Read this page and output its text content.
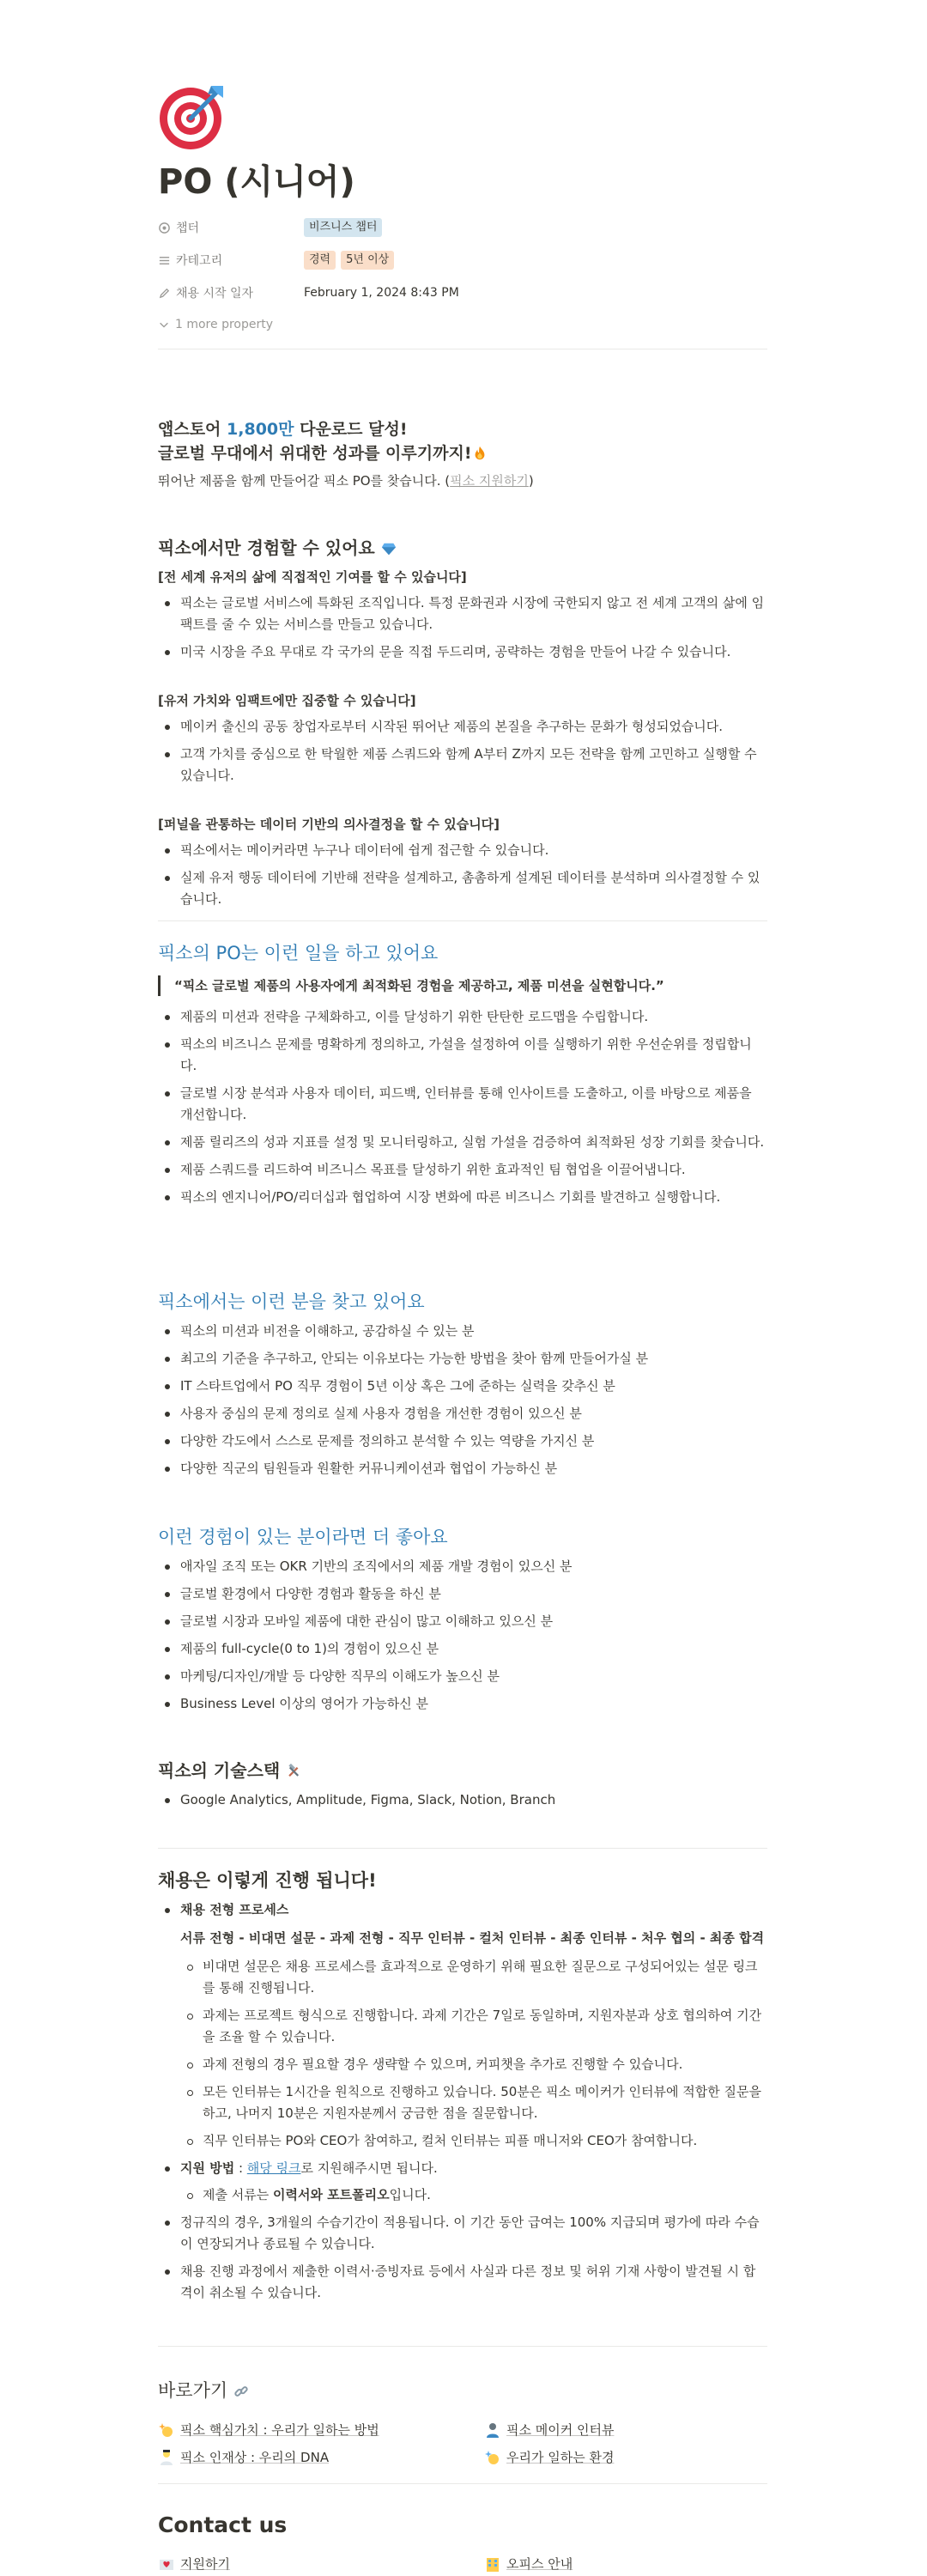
PO (시니어)
챕터	비즈니스 챕터
카테고리	경력	5년 이상
채용 시작 일자	February 1, 2024 8:43 PM
1 more property
앱스토어 1,800만 다운로드 달성!
글로벌 무대에서 위대한 성과를 이루기까지!
뛰어난 제품을 함께 만들어갈 픽소 PO를 찾습니다. (픽소 지원하기)
픽소에서만 경험할 수 있어요
[전 세계 유저의 삶에 직접적인 기여를 할 수 있습니다]
픽소는 글로벌 서비스에 특화된 조직입니다. 특정 문화권과 시장에 국한되지 않고 전 세계 고객의 삶에 임팩트를 줄 수 있는 서비스를 만들고 있습니다.
미국 시장을 주요 무대로 각 국가의 문을 직접 두드리며, 공략하는 경험을 만들어 나갈 수 있습니다.
[유저 가치와 임팩트에만 집중할 수 있습니다]
메이커 출신의 공동 창업자로부터 시작된 뛰어난 제품의 본질을 추구하는 문화가 형성되었습니다.
고객 가치를 중심으로 한 탁월한 제품 스쿼드와 함께 A부터 Z까지 모든 전략을 함께 고민하고 실행할 수 있습니다.
[퍼널을 관통하는 데이터 기반의 의사결정을 할 수 있습니다]
픽소에서는 메이커라면 누구나 데이터에 쉽게 접근할 수 있습니다.
실제 유저 행동 데이터에 기반해 전략을 설계하고, 촘촘하게 설계된 데이터를 분석하며 의사결정할 수 있습니다.
픽소의 PO는 이런 일을 하고 있어요
“픽소 글로벌 제품의 사용자에게 최적화된 경험을 제공하고, 제품 미션을 실현합니다.”
제품의 미션과 전략을 구체화하고, 이를 달성하기 위한 탄탄한 로드맵을 수립합니다.
픽소의 비즈니스 문제를 명확하게 정의하고, 가설을 설정하여 이를 실행하기 위한 우선순위를 정립합니다.
글로벌 시장 분석과 사용자 데이터, 피드백, 인터뷰를 통해 인사이트를 도출하고, 이를 바탕으로 제품을 개선합니다.
제품 릴리즈의 성과 지표를 설정 및 모니터링하고, 실험 가설을 검증하여 최적화된 성장 기회를 찾습니다.
제품 스쿼드를 리드하여 비즈니스 목표를 달성하기 위한 효과적인 팀 협업을 이끌어냅니다.
픽소의 엔지니어/PO/리더십과 협업하여 시장 변화에 따른 비즈니스 기회를 발견하고 실행합니다.
픽소에서는 이런 분을 찾고 있어요
픽소의 미션과 비전을 이해하고, 공감하실 수 있는 분
최고의 기준을 추구하고, 안되는 이유보다는 가능한 방법을 찾아 함께 만들어가실 분
IT 스타트업에서 PO 직무 경험이 5년 이상 혹은 그에 준하는 실력을 갖추신 분
사용자 중심의 문제 정의로 실제 사용자 경험을 개선한 경험이 있으신 분
다양한 각도에서 스스로 문제를 정의하고 분석할 수 있는 역량을 가지신 분
다양한 직군의 팀원들과 원활한 커뮤니케이션과 협업이 가능하신 분
이런 경험이 있는 분이라면 더 좋아요
애자일 조직 또는 OKR 기반의 조직에서의 제품 개발 경험이 있으신 분
글로벌 환경에서 다양한 경험과 활동을 하신 분
글로벌 시장과 모바일 제품에 대한 관심이 많고 이해하고 있으신 분
제품의 full-cycle(0 to 1)의 경험이 있으신 분
마케팅/디자인/개발 등 다양한 직무의 이해도가 높으신 분
Business Level 이상의 영어가 가능하신 분
픽소의 기술스택
Google Analytics, Amplitude, Figma, Slack, Notion, Branch
채용은 이렇게 진행 됩니다!
채용 전형 프로세스
서류 전형 - 비대면 설문 - 과제 전형 - 직무 인터뷰 - 컬처 인터뷰 - 최종 인터뷰 - 처우 협의 - 최종 합격
비대면 설문은 채용 프로세스를 효과적으로 운영하기 위해 필요한 질문으로 구성되어있는 설문 링크를 통해 진행됩니다.
과제는 프로젝트 형식으로 진행합니다. 과제 기간은 7일로 동일하며, 지원자분과 상호 협의하여 기간을 조율 할 수 있습니다.
과제 전형의 경우 필요할 경우 생략할 수 있으며, 커피챗을 추가로 진행할 수 있습니다.
모든 인터뷰는 1시간을 원칙으로 진행하고 있습니다. 50분은 픽소 메이커가 인터뷰에 적합한 질문을 하고, 나머지 10분은 지원자분께서 궁금한 점을 질문합니다.
직무 인터뷰는 PO와 CEO가 참여하고, 컬처 인터뷰는 피플 매니저와 CEO가 참여합니다.
지원 방법 : 해당 링크로 지원해주시면 됩니다.
제출 서류는 이력서와 포트폴리오입니다.
정규직의 경우, 3개월의 수습기간이 적용됩니다. 이 기간 동안 급여는 100% 지급되며 평가에 따라 수습이 연장되거나 종료될 수 있습니다.
채용 진행 과정에서 제출한 이력서·증빙자료 등에서 사실과 다른 정보 및 허위 기재 사항이 발견될 시 합격이 취소될 수 있습니다.
바로가기
픽소 핵심가치 : 우리가 일하는 방법	픽소 메이커 인터뷰
픽소 인재상 : 우리의 DNA	우리가 일하는 환경
Contact us
지원하기	오피스 안내
